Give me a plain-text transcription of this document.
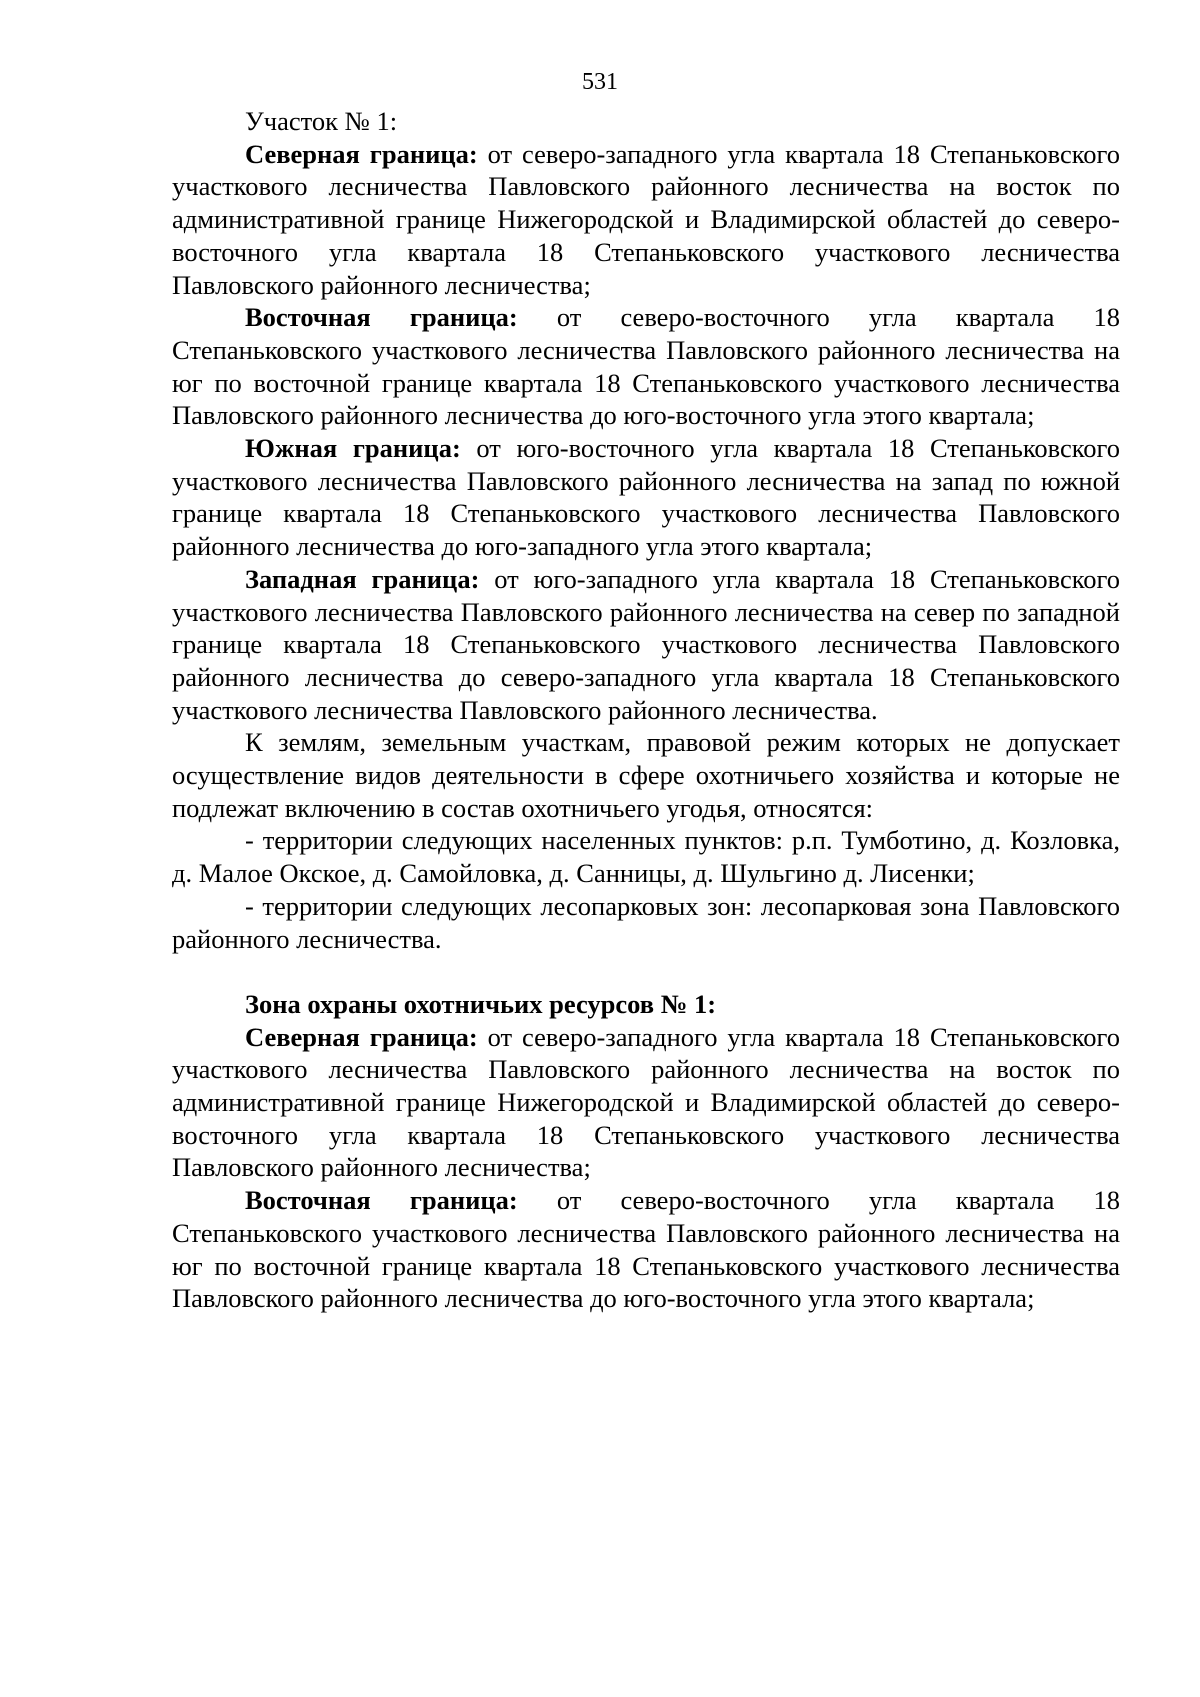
531

Участок № 1:

Северная граница: от северо-западного угла квартала 18 Степаньковского участкового лесничества Павловского районного лесничества на восток по административной границе Нижегородской и Владимирской областей до северо-восточного угла квартала 18 Степаньковского участкового лесничества Павловского районного лесничества;

Восточная граница: от северо-восточного угла квартала 18 Степаньковского участкового лесничества Павловского районного лесничества на юг по восточной границе квартала 18 Степаньковского участкового лесничества Павловского районного лесничества до юго-восточного угла этого квартала;

Южная граница: от юго-восточного угла квартала 18 Степаньковского участкового лесничества Павловского районного лесничества на запад по южной границе квартала 18 Степаньковского участкового лесничества Павловского районного лесничества до юго-западного угла этого квартала;

Западная граница: от юго-западного угла квартала 18 Степаньковского участкового лесничества Павловского районного лесничества на север по западной границе квартала 18 Степаньковского участкового лесничества Павловского районного лесничества до северо-западного угла квартала 18 Степаньковского участкового лесничества Павловского районного лесничества.

К землям, земельным участкам, правовой режим которых не допускает осуществление видов деятельности в сфере охотничьего хозяйства и которые не подлежат включению в состав охотничьего угодья, относятся:

- территории следующих населенных пунктов: р.п. Тумботино, д. Козловка, д. Малое Окское, д. Самойловка, д. Санницы, д. Шульгино д. Лисенки;

- территории следующих лесопарковых зон: лесопарковая зона Павловского районного лесничества.

Зона охраны охотничьих ресурсов № 1:

Северная граница: от северо-западного угла квартала 18 Степаньковского участкового лесничества Павловского районного лесничества на восток по административной границе Нижегородской и Владимирской областей до северо-восточного угла квартала 18 Степаньковского участкового лесничества Павловского районного лесничества;

Восточная граница: от северо-восточного угла квартала 18 Степаньковского участкового лесничества Павловского районного лесничества на юг по восточной границе квартала 18 Степаньковского участкового лесничества Павловского районного лесничества до юго-восточного угла этого квартала;
